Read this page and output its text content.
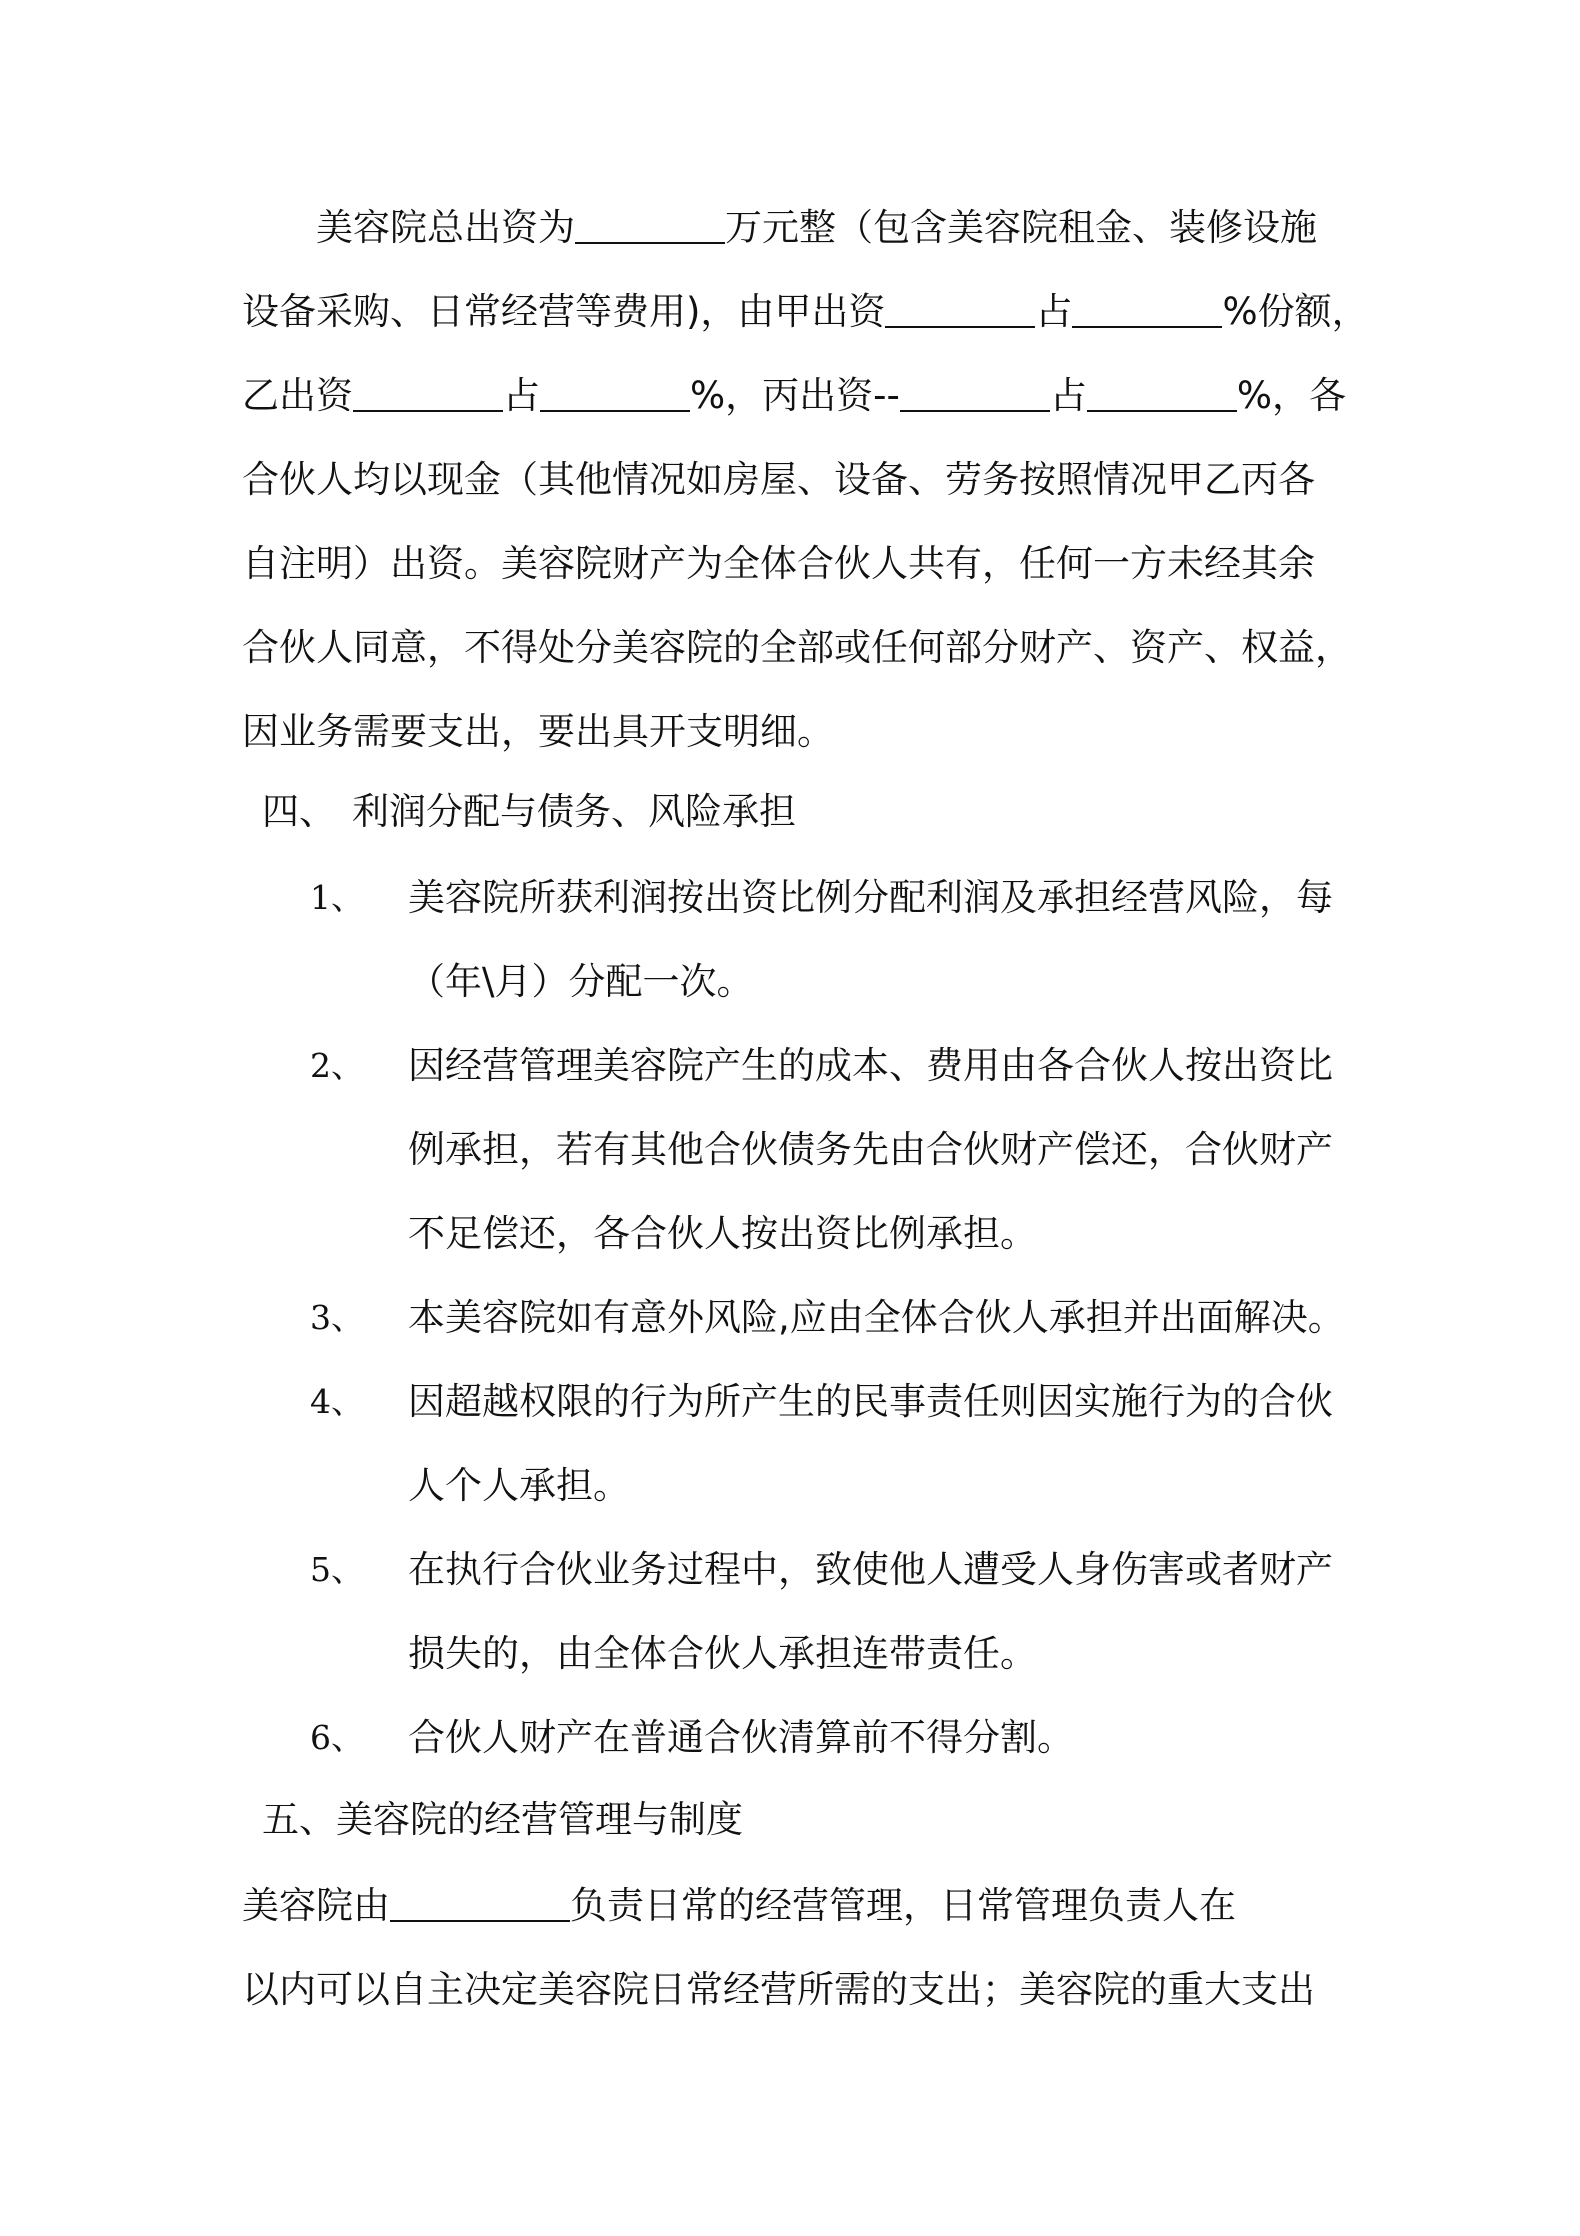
美容院总出资为	万元整（包含美容院租金、装修设施
设备采购、日常经营等费用)，由甲出资	占	%份额，
乙出资	占	%，丙出资--	占	%，各
合伙人均以现金（其他情况如房屋、设备、劳务按照情况甲乙丙各
自注明）出资。美容院财产为全体合伙人共有，任何一方未经其余
合伙人同意，不得处分美容院的全部或任何部分财产、资产、权益，
因业务需要支出，要出具开支明细。
四、 利润分配与债务、风险承担
1、 美容院所获利润按出资比例分配利润及承担经营风险，每
（年\月）分配一次。
2、 因经营管理美容院产生的成本、费用由各合伙人按出资比
例承担，若有其他合伙债务先由合伙财产偿还，合伙财产
不足偿还，各合伙人按出资比例承担。
3、 本美容院如有意外风险,应由全体合伙人承担并出面解决。
4、 因超越权限的行为所产生的民事责任则因实施行为的合伙
人个人承担。
5、 在执行合伙业务过程中，致使他人遭受人身伤害或者财产
损失的，由全体合伙人承担连带责任。
6、 合伙人财产在普通合伙清算前不得分割。
五、美容院的经营管理与制度
美容院由	负责日常的经营管理，日常管理负责人在
以内可以自主决定美容院日常经营所需的支出；美容院的重大支出
